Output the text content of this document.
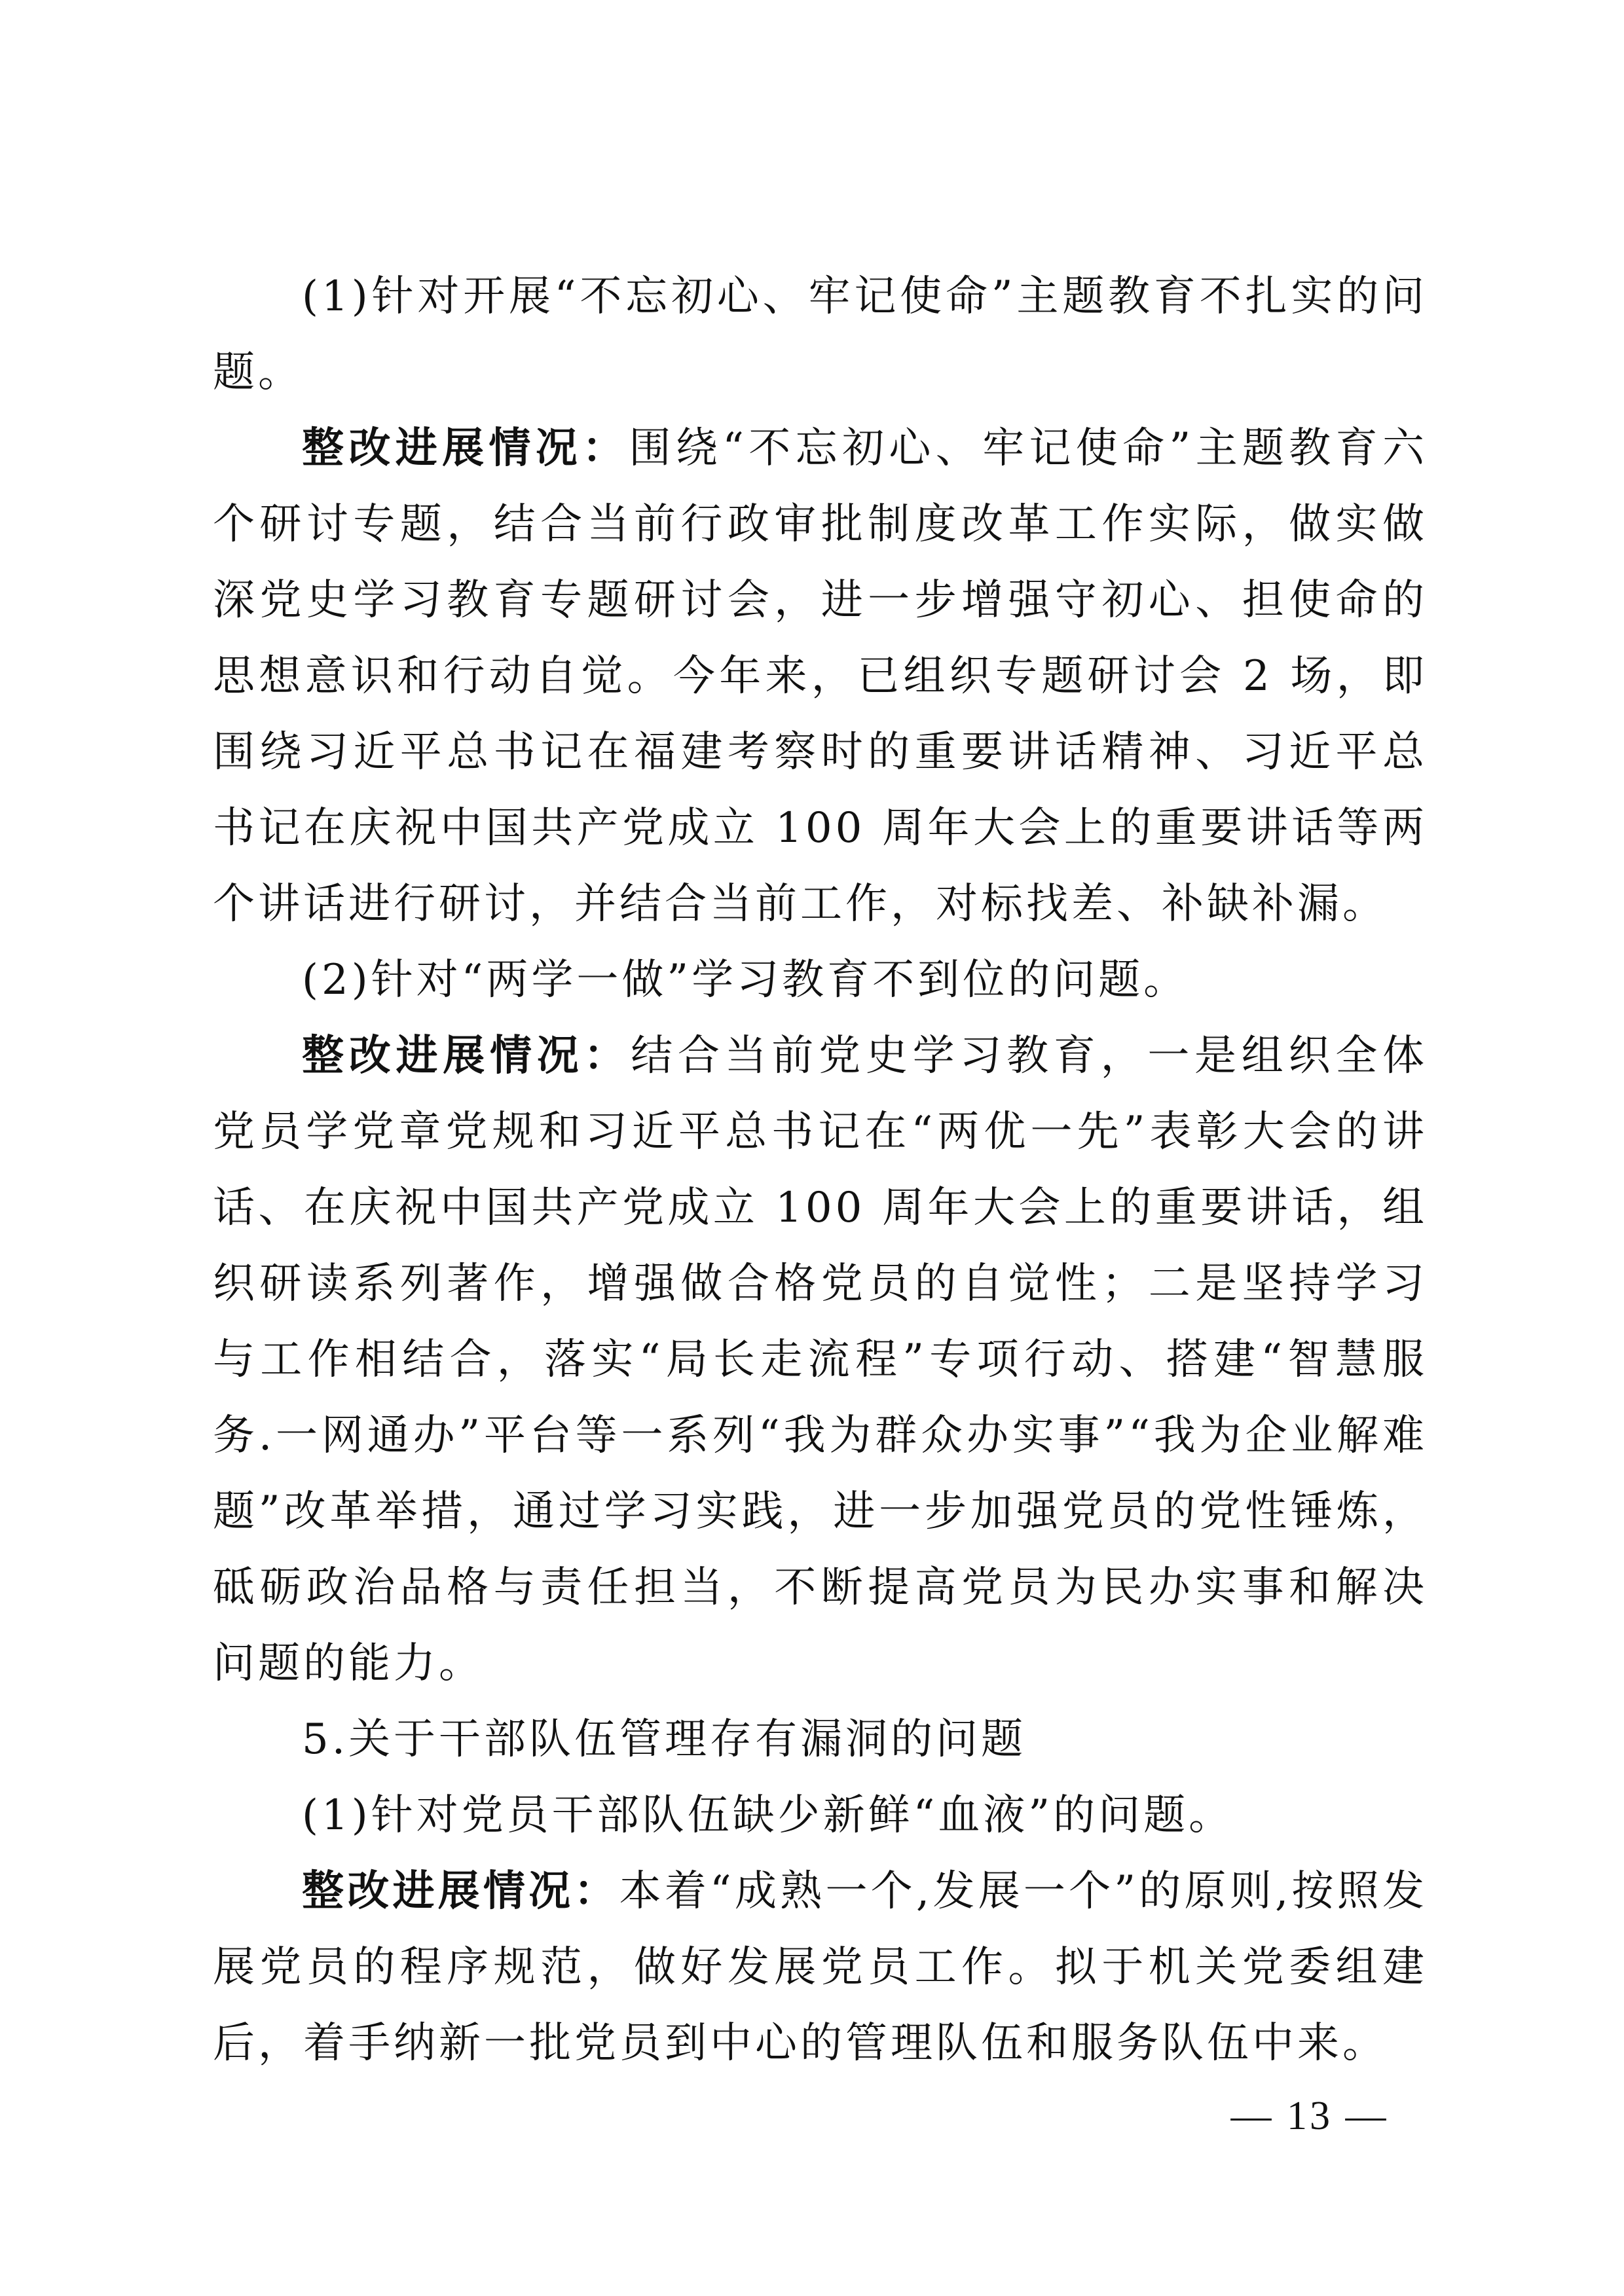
(1)针对开展“不忘初心、牢记使命”主题教育不扎实的问题。

整改进展情况：围绕“不忘初心、牢记使命”主题教育六个研讨专题，结合当前行政审批制度改革工作实际，做实做深党史学习教育专题研讨会，进一步增强守初心、担使命的思想意识和行动自觉。今年来，已组织专题研讨会 2 场，即围绕习近平总书记在福建考察时的重要讲话精神、习近平总书记在庆祝中国共产党成立 100 周年大会上的重要讲话等两个讲话进行研讨，并结合当前工作，对标找差、补缺补漏。

(2)针对“两学一做”学习教育不到位的问题。

整改进展情况：结合当前党史学习教育，一是组织全体党员学党章党规和习近平总书记在“两优一先”表彰大会的讲话、在庆祝中国共产党成立 100 周年大会上的重要讲话，组织研读系列著作，增强做合格党员的自觉性；二是坚持学习与工作相结合，落实“局长走流程”专项行动、搭建“智慧服务.一网通办”平台等一系列“我为群众办实事”“我为企业解难题”改革举措，通过学习实践，进一步加强党员的党性锤炼，砥砺政治品格与责任担当，不断提高党员为民办实事和解决问题的能力。

5.关于干部队伍管理存有漏洞的问题

(1)针对党员干部队伍缺少新鲜“血液”的问题。

整改进展情况：本着“成熟一个,发展一个”的原则,按照发展党员的程序规范，做好发展党员工作。拟于机关党委组建后，着手纳新一批党员到中心的管理队伍和服务队伍中来。

— 13 —
